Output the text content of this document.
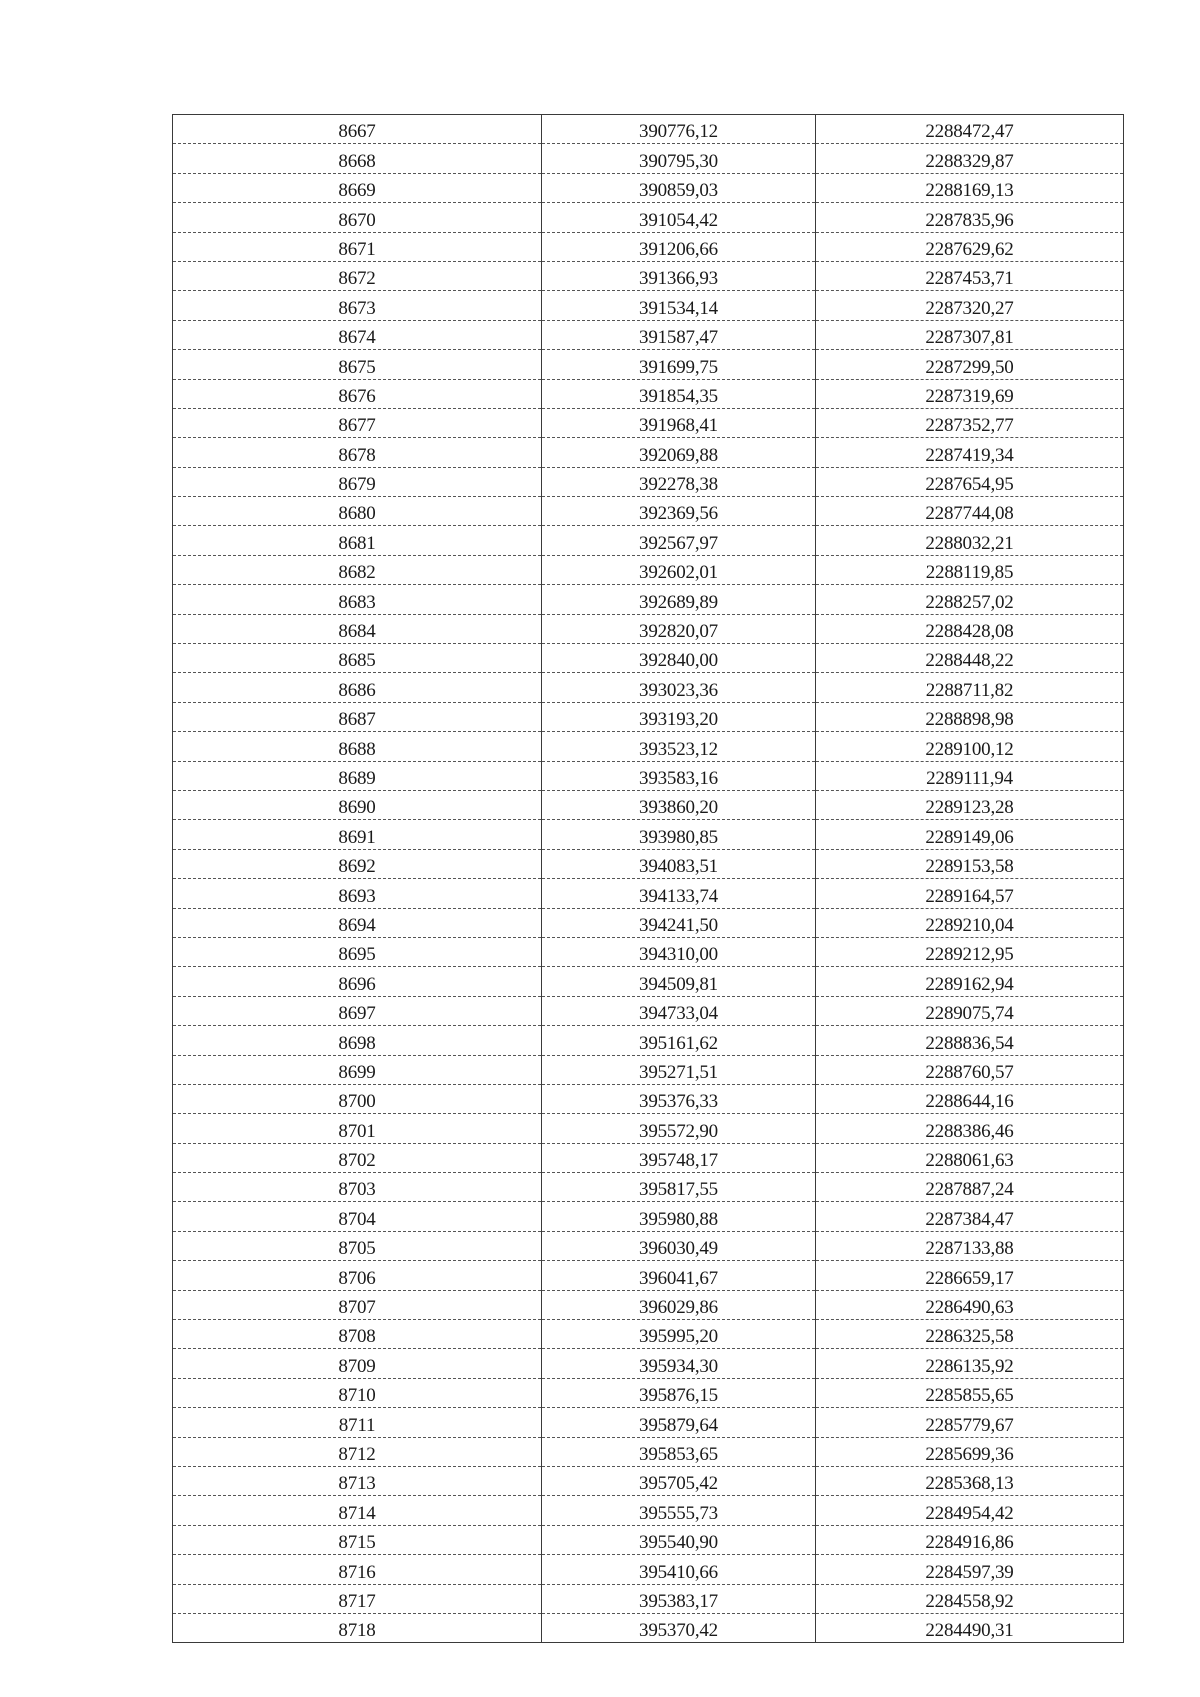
8667	390776,12	2288472,47
8668	390795,30	2288329,87
8669	390859,03	2288169,13
8670	391054,42	2287835,96
8671	391206,66	2287629,62
8672	391366,93	2287453,71
8673	391534,14	2287320,27
8674	391587,47	2287307,81
8675	391699,75	2287299,50
8676	391854,35	2287319,69
8677	391968,41	2287352,77
8678	392069,88	2287419,34
8679	392278,38	2287654,95
8680	392369,56	2287744,08
8681	392567,97	2288032,21
8682	392602,01	2288119,85
8683	392689,89	2288257,02
8684	392820,07	2288428,08
8685	392840,00	2288448,22
8686	393023,36	2288711,82
8687	393193,20	2288898,98
8688	393523,12	2289100,12
8689	393583,16	2289111,94
8690	393860,20	2289123,28
8691	393980,85	2289149,06
8692	394083,51	2289153,58
8693	394133,74	2289164,57
8694	394241,50	2289210,04
8695	394310,00	2289212,95
8696	394509,81	2289162,94
8697	394733,04	2289075,74
8698	395161,62	2288836,54
8699	395271,51	2288760,57
8700	395376,33	2288644,16
8701	395572,90	2288386,46
8702	395748,17	2288061,63
8703	395817,55	2287887,24
8704	395980,88	2287384,47
8705	396030,49	2287133,88
8706	396041,67	2286659,17
8707	396029,86	2286490,63
8708	395995,20	2286325,58
8709	395934,30	2286135,92
8710	395876,15	2285855,65
8711	395879,64	2285779,67
8712	395853,65	2285699,36
8713	395705,42	2285368,13
8714	395555,73	2284954,42
8715	395540,90	2284916,86
8716	395410,66	2284597,39
8717	395383,17	2284558,92
8718	395370,42	2284490,31
